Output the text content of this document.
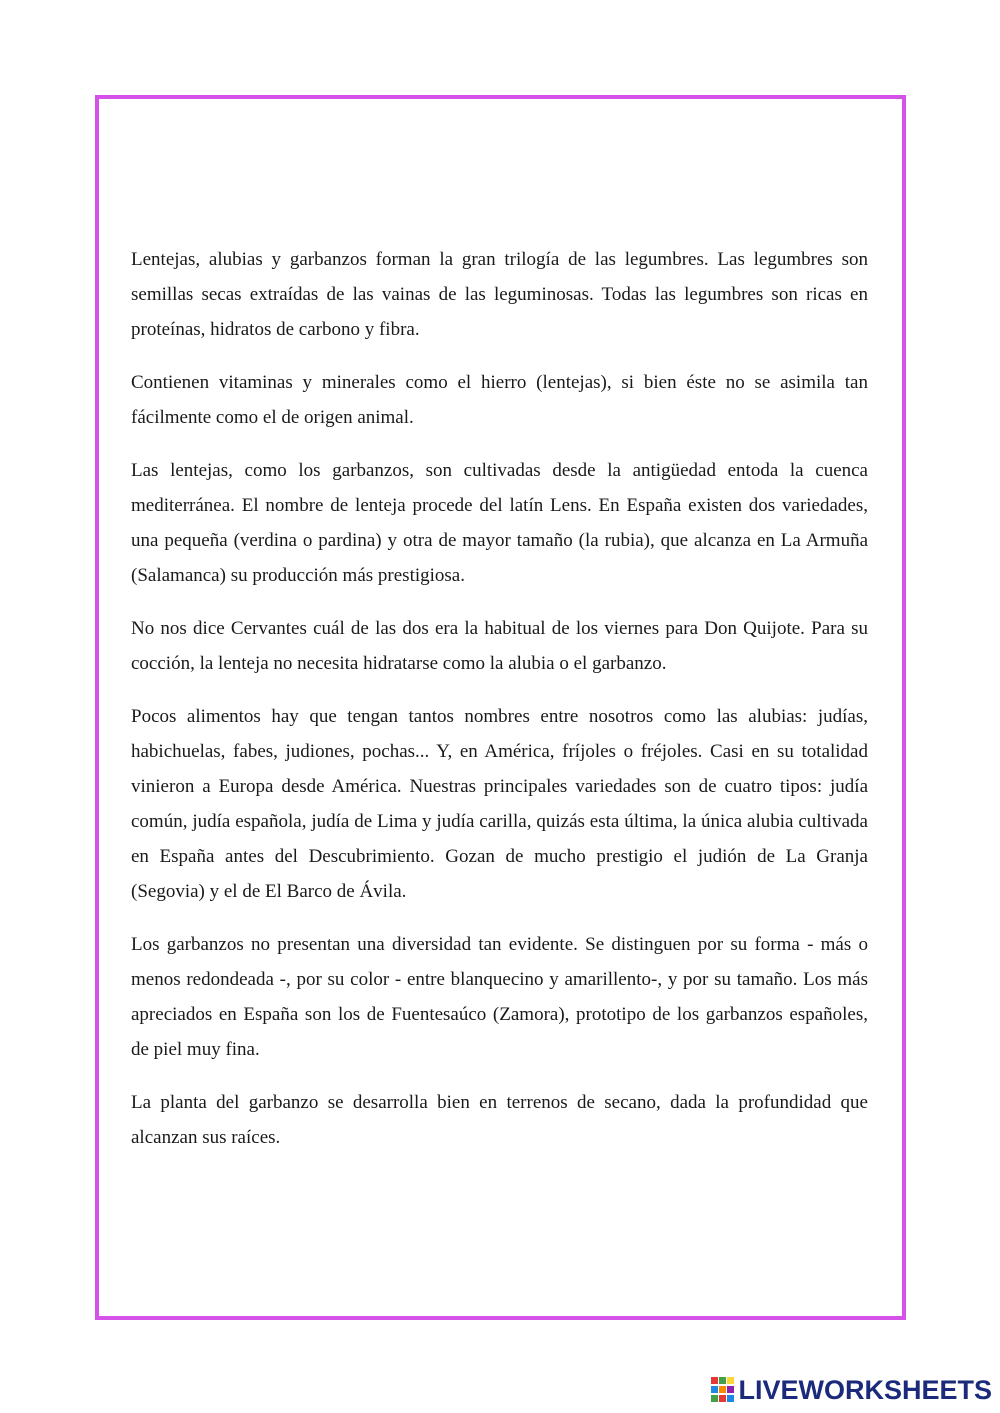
Lentejas, alubias y garbanzos forman la gran trilogía de las legumbres. Las legumbres son semillas secas extraídas de las vainas de las leguminosas. Todas las legumbres son ricas en proteínas, hidratos de carbono y fibra.

Contienen vitaminas y minerales como el hierro (lentejas), si bien éste no se asimila tan fácilmente como el de origen animal.

Las lentejas, como los garbanzos, son cultivadas desde la antigüedad entoda la cuenca mediterránea. El nombre de lenteja procede del latín Lens. En España existen dos variedades, una pequeña (verdina o pardina) y otra de mayor tamaño (la rubia), que alcanza en La Armuña (Salamanca) su producción más prestigiosa.

No nos dice Cervantes cuál de las dos era la habitual de los viernes para Don Quijote. Para su cocción, la lenteja no necesita hidratarse como la alubia o el garbanzo.

Pocos alimentos hay que tengan tantos nombres entre nosotros como las alubias: judías, habichuelas, fabes, judiones, pochas... Y, en América, fríjoles o fréjoles. Casi en su totalidad vinieron a Europa desde América. Nuestras principales variedades son de cuatro tipos: judía común, judía española, judía de Lima y judía carilla, quizás esta última, la única alubia cultivada en España antes del Descubrimiento. Gozan de mucho prestigio el judión de La Granja (Segovia) y el de El Barco de Ávila.

Los garbanzos no presentan una diversidad tan evidente. Se distinguen por su forma - más o menos redondeada -, por su color - entre blanquecino y amarillento-, y por su tamaño. Los más apreciados en España son los de Fuentesaúco (Zamora), prototipo de los garbanzos españoles, de piel muy fina.

La planta del garbanzo se desarrolla bien en terrenos de secano, dada la profundidad que alcanzan sus raíces.

LIVEWORKSHEETS
